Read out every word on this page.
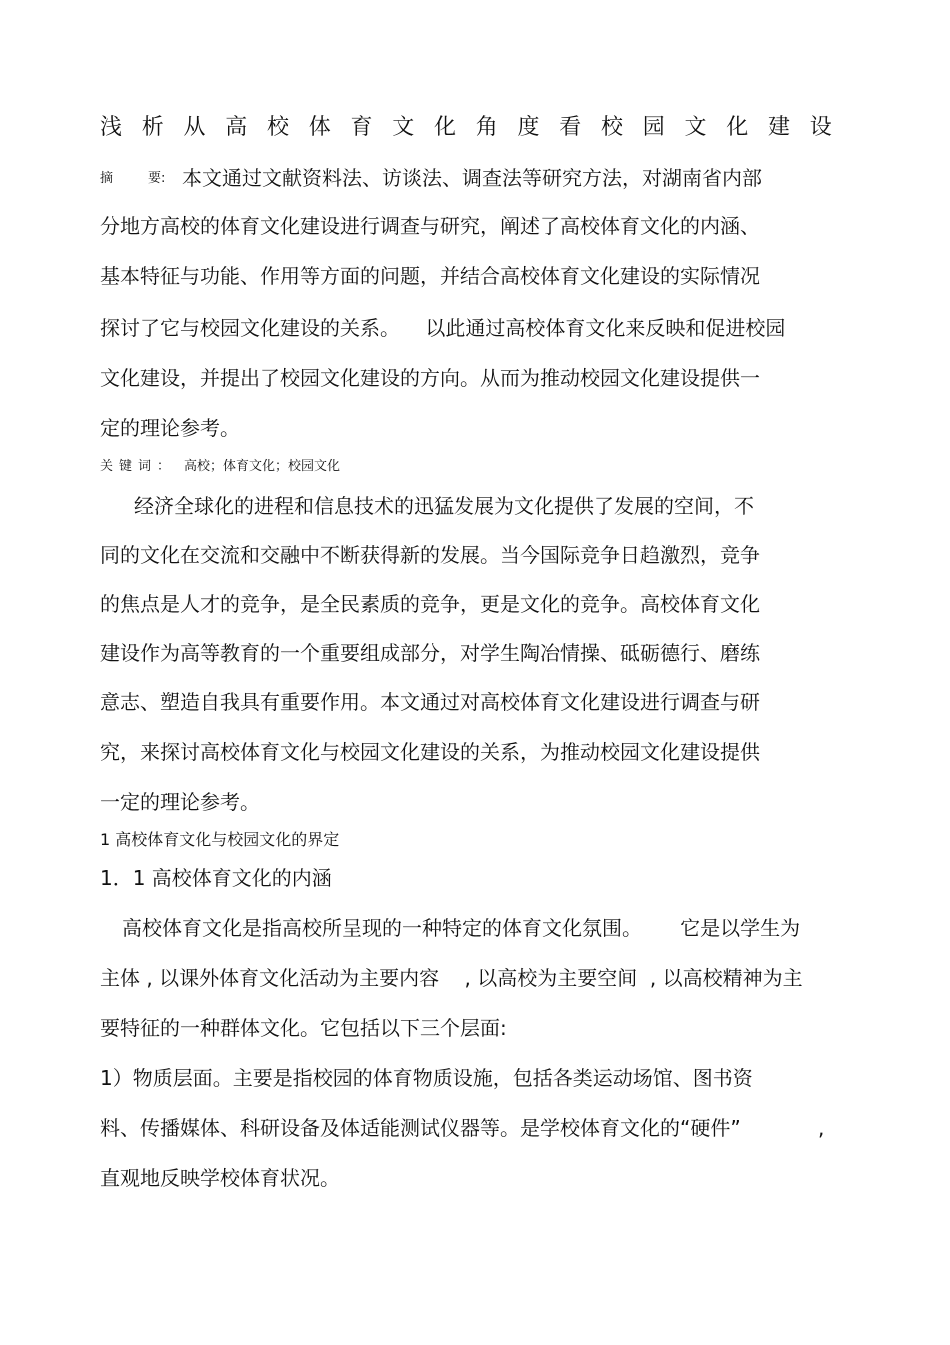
浅 析 从 高 校 体 育 文 化 角 度 看 校 园 文 化 建 设
摘	要: 本文通过文献资料法、访谈法、调查法等研究方法，对湖南省内部
分地方高校的体育文化建设进行调查与研究，阐述了高校体育文化的内涵、
基本特征与功能、作用等方面的问题，并结合高校体育文化建设的实际情况
探讨了它与校园文化建设的关系。    以此通过高校体育文化来反映和促进校园
文化建设，并提出了校园文化建设的方向。从而为推动校园文化建设提供一
定的理论参考。
关键词： 高校；体育文化；校园文化
经济全球化的进程和信息技术的迅猛发展为文化提供了发展的空间，不
同的文化在交流和交融中不断获得新的发展。当今国际竞争日趋激烈，竞争
的焦点是人才的竞争，是全民素质的竞争，更是文化的竞争。高校体育文化
建设作为高等教育的一个重要组成部分，对学生陶冶情操、砥砺德行、磨练
意志、塑造自我具有重要作用。本文通过对高校体育文化建设进行调查与研
究，来探讨高校体育文化与校园文化建设的关系，为推动校园文化建设提供
一定的理论参考。
1 高校体育文化与校园文化的界定
1．1 高校体育文化的内涵
高校体育文化是指高校所呈现的一种特定的体育文化氛围。      它是以学生为
主体 , 以课外体育文化活动为主要内容    , 以高校为主要空间  , 以高校精神为主
要特征的一种群体文化。它包括以下三个层面:
1）物质层面。主要是指校园的体育物质设施，包括各类运动场馆、图书资
料、传播媒体、科研设备及体适能测试仪器等。是学校体育文化的“硬件”	,
直观地反映学校体育状况。
